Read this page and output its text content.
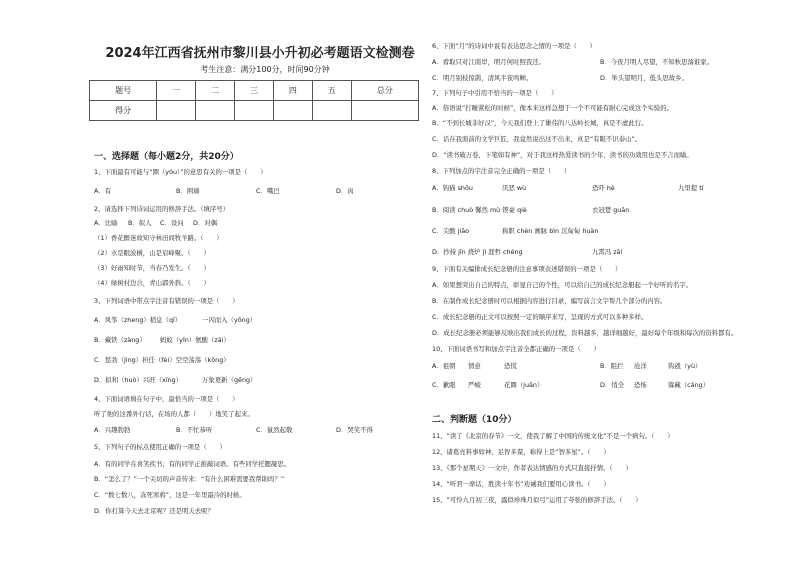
2024年江西省抚州市黎川县小升初必考题语文检测卷
考生注意：满分100分，时间90分钟
题号	一	二	三	四	五	总分
得分						
一、选择题（每小题2分，共20分）
1、下面最有可能与“圈（yóu）”的意思有关的一项是（　　）
A．有	B．围墙	C．嘴巴	D．肉
2、请选择下列诗词运用的修辞手法。（填序号）
A．比喻 B．拟人 C．设问 D．对偶
（1）香花醉迷故知守林田间牧羊路。（　　）
（2）水是眼波横，山是眉峰聚。（　　）
（3）好雨知时节，当春乃发生。（　　）
（4）绿树村边合，青山郭外斜。（　　）
3、下列词语中带点字注音有错误的一项是（　　）
A．风筝（zheng）稍息（qī）	一闪而入（yōng）
B．藏铁（zàng） 蚂蚁（yǐn）氨酸（zāi）
C．惩劲（jìng）担任（fèi）空空荡荡（kōng）
D．拟和（huò）兴旺（xīng）	万象更新（gēng）
4、下面词语填在句子中，最恰当的一项是（　　）
听了他的这番外行话，在场的人都（　　）地笑了起来。
A．兴趣勃勃	B．不忙恭听	C．鼠然起敬	D．哭笑不得
5、下列句子的标点使用正确的一项是（　　）
A．有的同学在喜笑疾书；有的同学正推敲词语。有些同学托腮凝思。
B．“怎么了？”一个关切的声音传来：“有什么困难需要我帮助吗？”
C．“数七数八，冻死寒鸦”，这是一年里最冷的时候。
D．你打算今天去北京呢？还是明天去呢？
6、下面“月”的诗词中说有表达思念之情的一项是（　　）
A．看取只对江南岸，明月何时照我还。	B．今夜月明人尽望，不知秋思落谁家。
C．明月别枝惊鹊，清风半夜鸣蝉。	D．举头望明月，低头思故乡。
7、下列句子中引用不恰当的一项是（　　）
A．俗语说“打睡紧松的时候”，像本来这样急想于一个不可能有耐心完成这个实验的。
B．“不到长城非好汉”，今天我们登上了雄伟的八达岭长城，真是不虚此行。
C．话在我面前的文学巨匠，我竟然说出这不出来，真是“有眼不识泰山”。
D．“读书破万卷，下笔如有神”，对于我这样热爱读书的少年，读书的功效用也是不言而喻。
8、下列加点的字注音完全正确的一项是（　　）
A．钩猫 shōu	厌恶 wù	恐吓 hè	九里提 tí
B．阅读 chuò 馨然 mù 锲豪 qiè	衣冠楚 guān
C．尖酸 jiāo	称职 chèn 画脉 bìn 沉甸甸 huàn
D．抄持 jīn 烧炉 jì 涯哲 chéng	九霄冯 zāi
9、下面有关编排成长纪念册的注意事项表述错误的一项是（　　）
A．如果想突出自己的特点，彰显自己的个性，可以给自己的成长纪念册起一个好听的名字。
B．在制作成长纪念册时可以根据内容进行目录，编写前言文字帮几个部分的内容。
C．成长纪念册的正文可以按照一定的顺序来写，呈现的方式可以多种多样。
D．成长纪念册必须能够反映出我们成长的过程，资料越多，越详细越好，最好每个年级和每次的资料都有。
10、下面词语书写和加点字注音全都正确的一项是（　　）
A．祖朝 情意	恐慌	B．阻拦 沧洋	钩戗（yù）
C．歉眼 严峻	花圈（juān）	D．悄全 恐怖	躲藏（cáng）
二、判断题（10分）
11、“读了《北京的春节》一文，使我了解了中国的传统文化”不是一个病句。（　　）
12、诸葛亮料事如神、足智多谋，称得上是“智多星”。（　　）
13、《那个星期天》一文中，作者表达情感的方式只直接抒情。（　　）
14、“听君一席话，胜读十年书”劝诫我们要用心读书。（　　）
15、“可怜九月初三夜，露似珍珠月似弓”运用了夸张的修辞手法。（　　）
